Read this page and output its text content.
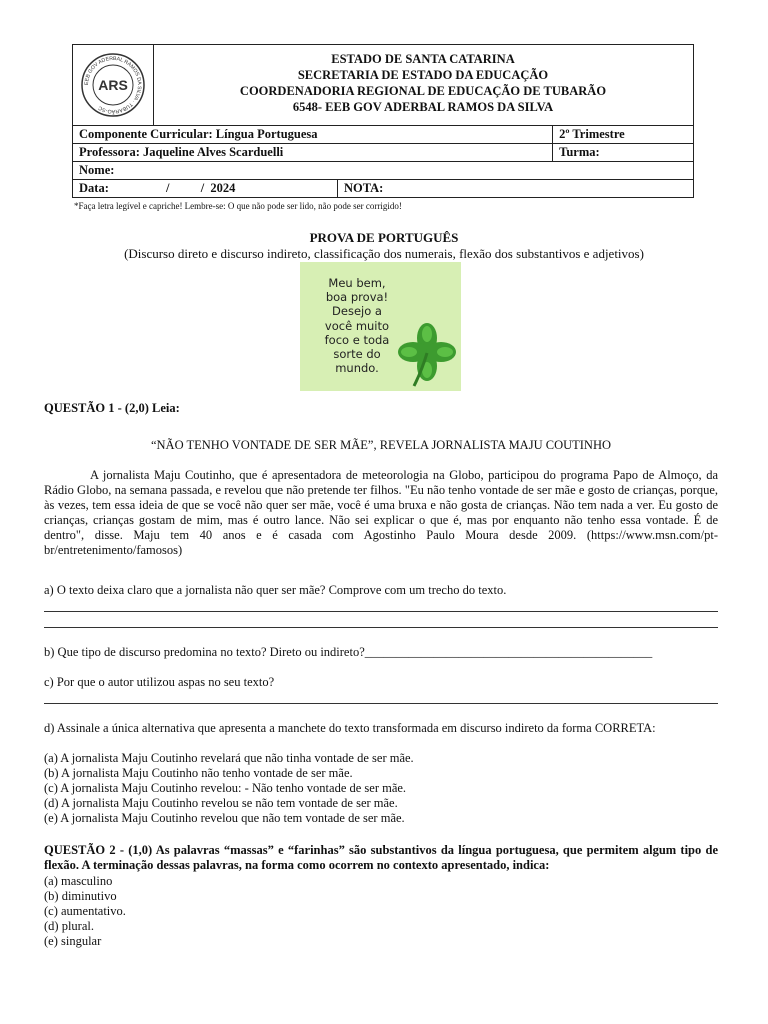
EEB GOV ADERBAL RAMOS DA SILVA · TUBARÃO-SC
ARS
ESTADO DE SANTA CATARINA
SECRETARIA DE ESTADO DA EDUCAÇÃO
COORDENADORIA REGIONAL DE EDUCAÇÃO DE TUBARÃO
6548- EEB GOV ADERBAL RAMOS DA SILVA
Componente Curricular: Língua Portuguesa		2º Trimestre
Professora: Jaqueline Alves Scarduelli		Turma:
Nome:		
Data: /          /  2024	NOTA:	
*Faça letra legível e capriche! Lembre-se: O que não pode ser lido, não pode ser corrigido!
PROVA DE PORTUGUÊS
(Discurso direto e discurso indireto, classificação dos numerais, flexão dos substantivos e adjetivos)
Meu bem,
boa prova!
Desejo a
você muito
foco e toda
sorte do
mundo.
QUESTÃO 1 - (2,0) Leia:
“NÃO TENHO VONTADE DE SER MÃE”, REVELA JORNALISTA MAJU COUTINHO
A jornalista Maju Coutinho, que é apresentadora de meteorologia na Globo, participou do programa Papo de Almoço, da Rádio Globo, na semana passada, e revelou que não pretende ter filhos. "Eu não tenho vontade de ser mãe e gosto de crianças, porque, às vezes, tem essa ideia de que se você não quer ser mãe, você é uma bruxa e não gosta de crianças. Não tem nada a ver. Eu gosto de crianças, crianças gostam de mim, mas é outro lance. Não sei explicar o que é, mas por enquanto não tenho essa vontade. É de dentro", disse. Maju tem 40 anos e é casada com Agostinho Paulo Moura desde 2009. (https://www.msn.com/pt-br/entretenimento/famosos)
a) O texto deixa claro que a jornalista não quer ser mãe? Comprove com um trecho do texto.
b) Que tipo de discurso predomina no texto? Direto ou indireto?______________________________________________
c) Por que o autor utilizou aspas no seu texto?
d) Assinale a única alternativa que apresenta a manchete do texto transformada em discurso indireto da forma CORRETA:
(a) A jornalista Maju Coutinho revelará que não tinha vontade de ser mãe.
(b) A jornalista Maju Coutinho não tenho vontade de ser mãe.
(c) A jornalista Maju Coutinho revelou: - Não tenho vontade de ser mãe.
(d) A jornalista Maju Coutinho revelou se não tem vontade de ser mãe.
(e) A jornalista Maju Coutinho revelou que não tem vontade de ser mãe.
QUESTÃO 2 - (1,0) As palavras “massas” e “farinhas” são substantivos da língua portuguesa, que permitem algum tipo de flexão. A terminação dessas palavras, na forma como ocorrem no contexto apresentado, indica:
(a) masculino
(b) diminutivo
(c) aumentativo.
(d) plural.
(e) singular
